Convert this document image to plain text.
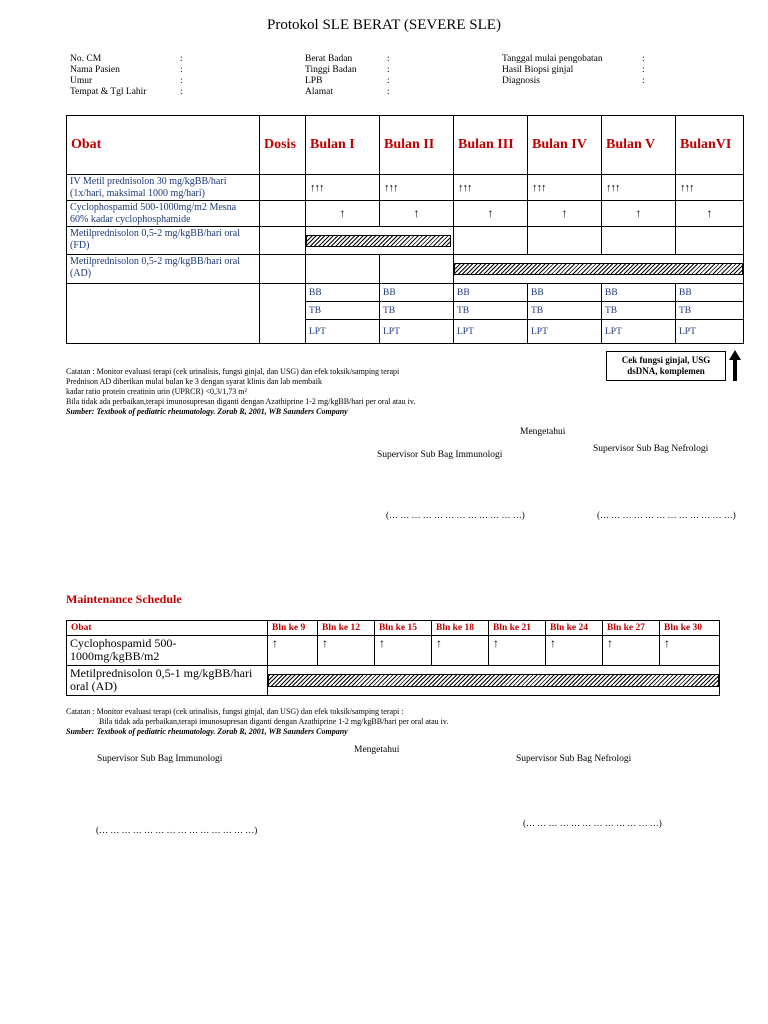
Protokol SLE BERAT (SEVERE SLE)
No. CM	:
Nama Pasien	:
Umur	:
Tempat & Tgl Lahir	:
Berat Badan	:
Tinggi Badan	:
LPB	:
Alamat	:
Tanggal mulai pengobatan	:
Hasil Biopsi ginjal	:
Diagnosis	:
Obat	Dosis	Bulan I	Bulan II	Bulan III	Bulan IV	Bulan V	BulanVI
IV Metil prednisolon 30 mg/kgBB/hari (1x/hari, maksimal 1000 mg/hari)		↑↑↑	↑↑↑	↑↑↑	↑↑↑	↑↑↑	↑↑↑
Cyclophospamid 500-1000mg/m2 Mesna 60% kadar cyclophosphamide		↑	↑	↑	↑	↑	↑
Metilprednisolon 0,5-2 mg/kgBB/hari oral (FD)			

Metilprednisolon 0,5-2 mg/kgBB/hari oral (AD)							

		BB	BB	BB	BB	BB	BB
		TB	TB	TB	TB	TB	TB
		LPT	LPT	LPT	LPT	LPT	LPT
Cek fungsi ginjal, USG dsDNA, komplemen
Catatan : Monitor evaluasi terapi (cek urinalisis, fungsi ginjal, dan USG) dan efek toksik/samping terapi
Prednison AD diberikan mulai bulan ke 3 dengan syarat klinis dan lab membaik
kadar ratio protein creatinin urin (UPRCR) <0,3/1,73 m²
Bila tidak ada perbaikan,terapi imunosupresan diganti dengan Azathiprine 1-2 mg/kgBB/hari per oral atau iv.
Sumber: Textbook of pediatric rheumatology. Zorab R, 2001, WB Saunders Company
Mengetahui
Supervisor Sub Bag Immunologi
Supervisor Sub Bag Nefrologi
(… … … … … … … … … … … …)	(… … … … … … … … … … … …)
Maintenance Schedule
Obat	Bln ke 9	Bln ke 12	Bln ke 15	Bln ke 18	Bln ke 21	Bln ke 24	Bln ke 27	Bln ke 30
Cyclophospamid 500-1000mg/kgBB/m2	↑	↑	↑	↑	↑	↑	↑	↑
Metilprednisolon 0,5-1 mg/kgBB/hari oral (AD)								
Catatan : Monitor evaluasi terapi (cek urinalisis, fungsi ginjal, dan USG) dan efek toksik/samping terapi :
Bila tidak ada perbaikan,terapi imunosupresan diganti dengan Azathiprine 1-2 mg/kgBB/hari per oral atau iv.
Sumber: Textbook of pediatric rheumatology. Zorab R, 2001, WB Saunders Company
Mengetahui
Supervisor Sub Bag Immunologi	Supervisor Sub Bag Nefrologi
(… … … … … … … … … … … … … …)
(… … … … … … … … … … … …)
